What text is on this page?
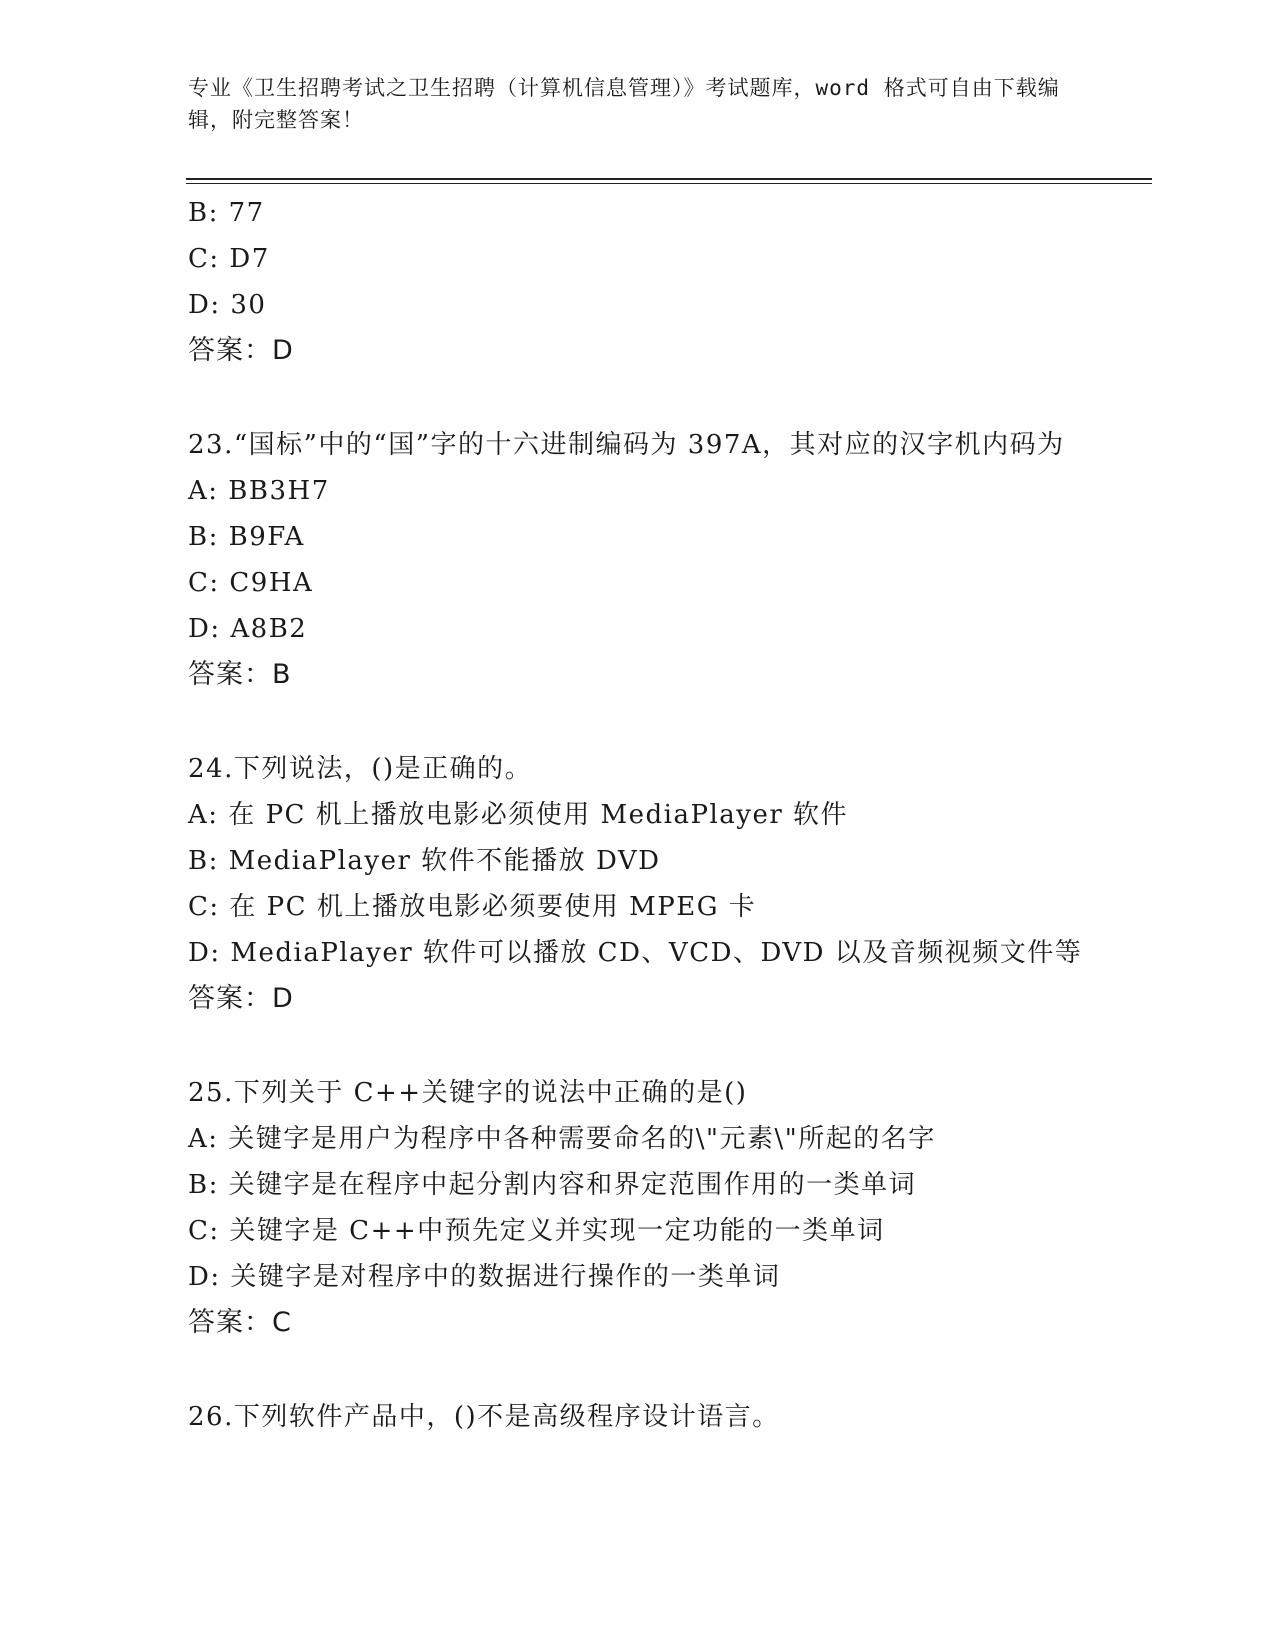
专业《卫生招聘考试之卫生招聘（计算机信息管理）》考试题库，word 格式可自由下载编辑，附完整答案！
B: 77
C: D7
D: 30
答案：D
23.“国标”中的“国”字的十六进制编码为 397A，其对应的汉字机内码为
A: BB3H7
B: B9FA
C: C9HA
D: A8B2
答案：B
24.下列说法，()是正确的。
A: 在 PC 机上播放电影必须使用 MediaPlayer 软件
B: MediaPlayer 软件不能播放 DVD
C: 在 PC 机上播放电影必须要使用 MPEG 卡
D: MediaPlayer 软件可以播放 CD、VCD、DVD 以及音频视频文件等
答案：D
25.下列关于 C++关键字的说法中正确的是()
A: 关键字是用户为程序中各种需要命名的\"元素\"所起的名字
B: 关键字是在程序中起分割内容和界定范围作用的一类单词
C: 关键字是 C++中预先定义并实现一定功能的一类单词
D: 关键字是对程序中的数据进行操作的一类单词
答案：C
26.下列软件产品中，()不是高级程序设计语言。
